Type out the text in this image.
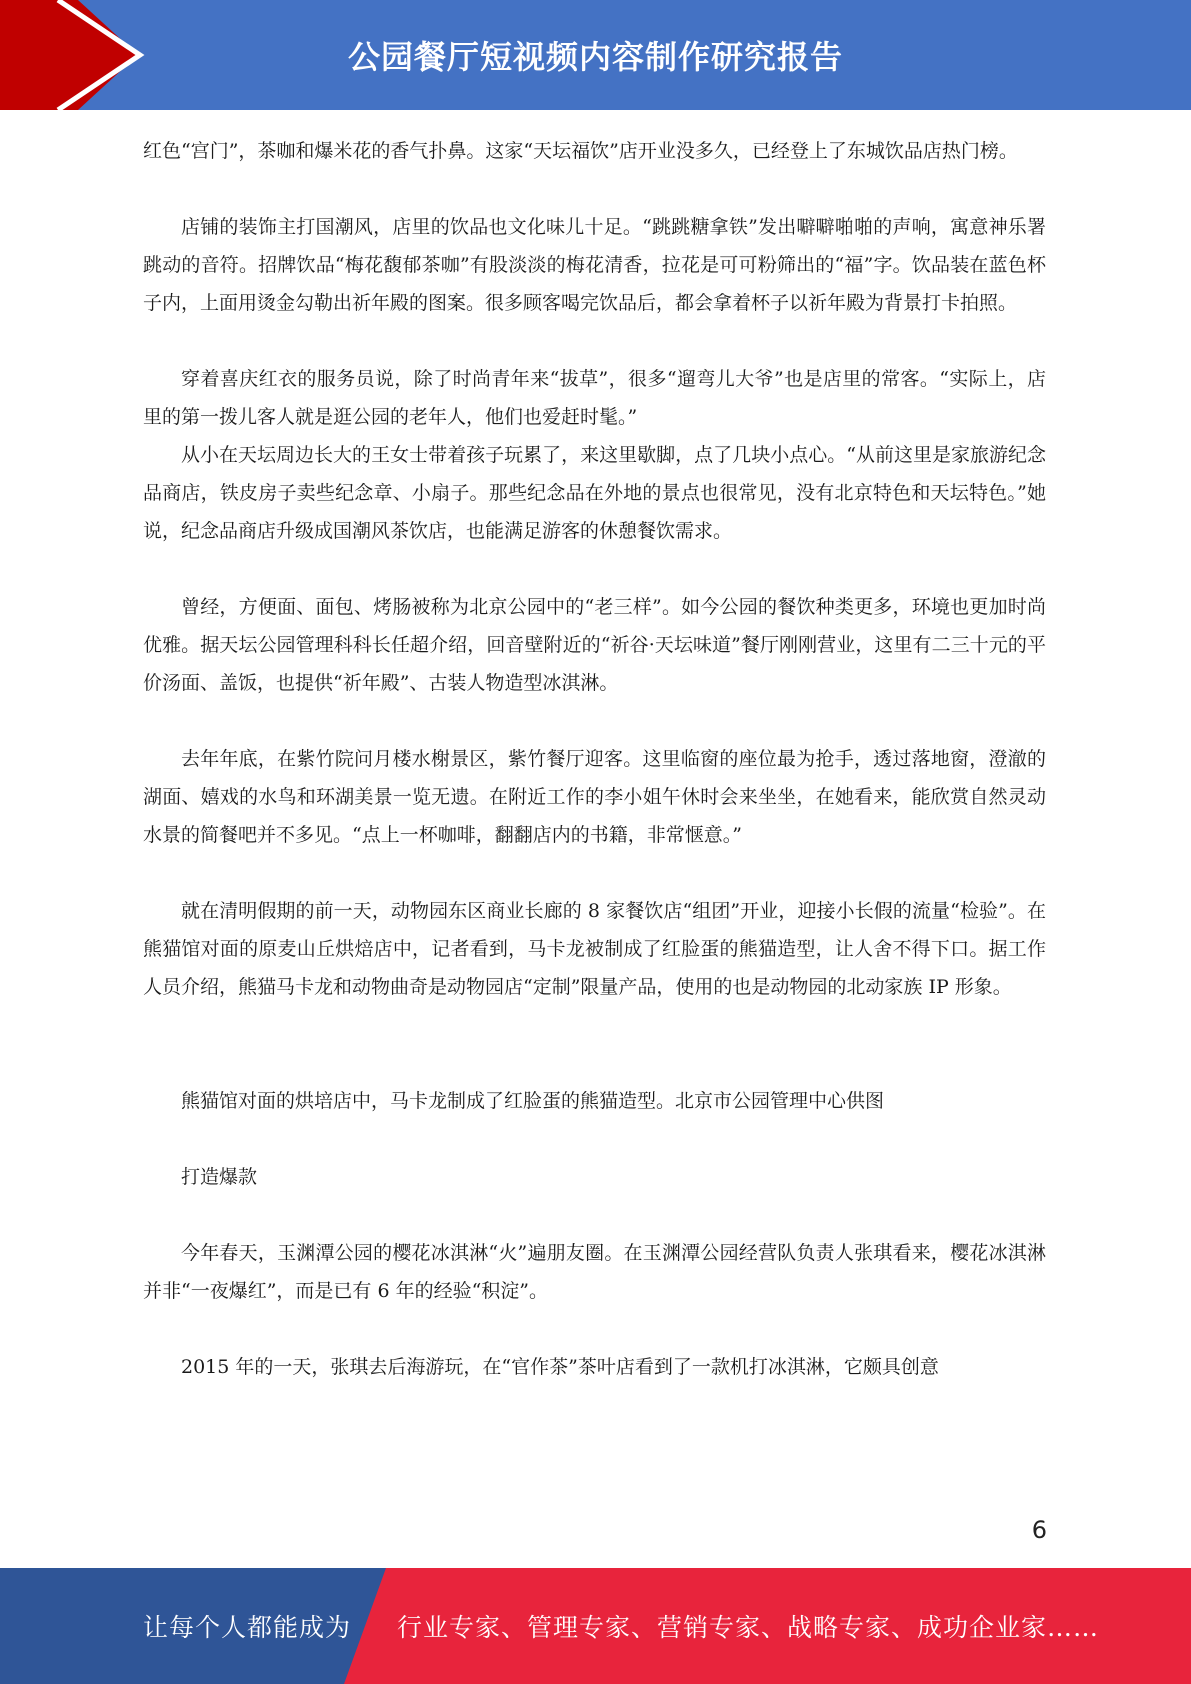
公园餐厅短视频内容制作研究报告

红色“宫门”，茶咖和爆米花的香气扑鼻。这家“天坛福饮”店开业没多久，已经登上了东城饮品店热门榜。

店铺的装饰主打国潮风，店里的饮品也文化味儿十足。“跳跳糖拿铁”发出噼噼啪啪的声响，寓意神乐署跳动的音符。招牌饮品“梅花馥郁茶咖”有股淡淡的梅花清香，拉花是可可粉筛出的“福”字。饮品装在蓝色杯子内，上面用烫金勾勒出祈年殿的图案。很多顾客喝完饮品后，都会拿着杯子以祈年殿为背景打卡拍照。

穿着喜庆红衣的服务员说，除了时尚青年来“拔草”，很多“遛弯儿大爷”也是店里的常客。“实际上，店里的第一拨儿客人就是逛公园的老年人，他们也爱赶时髦。”

从小在天坛周边长大的王女士带着孩子玩累了，来这里歇脚，点了几块小点心。“从前这里是家旅游纪念品商店，铁皮房子卖些纪念章、小扇子。那些纪念品在外地的景点也很常见，没有北京特色和天坛特色。”她说，纪念品商店升级成国潮风茶饮店，也能满足游客的休憩餐饮需求。

曾经，方便面、面包、烤肠被称为北京公园中的“老三样”。如今公园的餐饮种类更多，环境也更加时尚优雅。据天坛公园管理科科长任超介绍，回音壁附近的“祈谷·天坛味道”餐厅刚刚营业，这里有二三十元的平价汤面、盖饭，也提供“祈年殿”、古装人物造型冰淇淋。

去年年底，在紫竹院问月楼水榭景区，紫竹餐厅迎客。这里临窗的座位最为抢手，透过落地窗，澄澈的湖面、嬉戏的水鸟和环湖美景一览无遗。在附近工作的李小姐午休时会来坐坐，在她看来，能欣赏自然灵动水景的简餐吧并不多见。“点上一杯咖啡，翻翻店内的书籍，非常惬意。”

就在清明假期的前一天，动物园东区商业长廊的 8 家餐饮店“组团”开业，迎接小长假的流量“检验”。在熊猫馆对面的原麦山丘烘焙店中，记者看到，马卡龙被制成了红脸蛋的熊猫造型，让人舍不得下口。据工作人员介绍，熊猫马卡龙和动物曲奇是动物园店“定制”限量产品，使用的也是动物园的北动家族 IP 形象。

熊猫馆对面的烘培店中，马卡龙制成了红脸蛋的熊猫造型。北京市公园管理中心供图

打造爆款

今年春天，玉渊潭公园的樱花冰淇淋“火”遍朋友圈。在玉渊潭公园经营队负责人张琪看来，樱花冰淇淋并非“一夜爆红”，而是已有 6 年的经验“积淀”。

2015 年的一天，张琪去后海游玩，在“官作茶”茶叶店看到了一款机打冰淇淋，它颇具创意

6
让每个人都能成为 行业专家、管理专家、营销专家、战略专家、成功企业家……
